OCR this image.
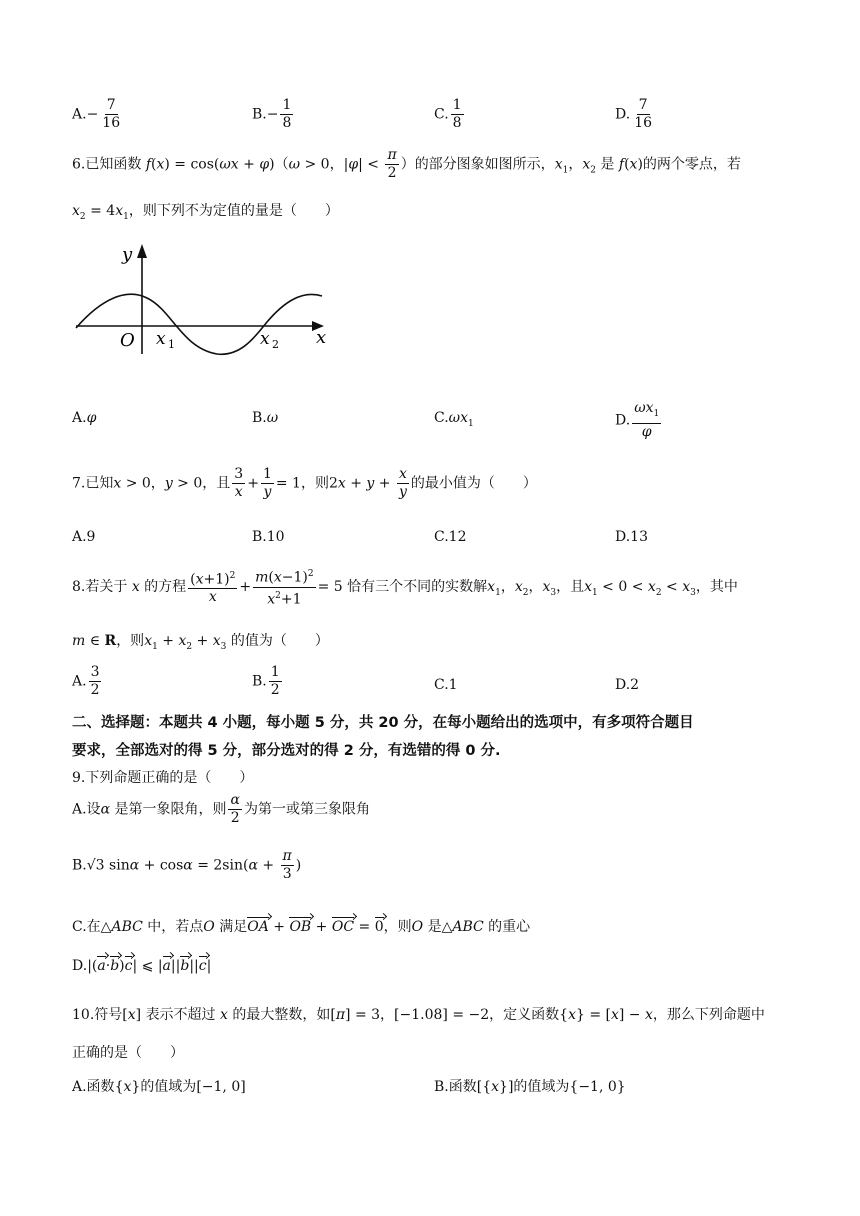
$A.- \frac{7}{16}$	$B.- \frac{1}{8}$	C. $\frac{1}{8}$	D. $\frac{7}{16}$
6.已知函数 f(x) = cos(ωx + φ)（ω > 0，$|\varphi| < \frac{\pi}{2}$ ）的部分图象如图所示，$x_1$，$x_2$ 是 f(x)的两个零点，若
$x_2 = 4x_1$，则下列不为定值的量是（　　）
y
x
O x 1	x 2
A.φ	B.ω	$C.\omega x_1$	D. $\frac{\omega x_1}{\varphi}$
7.已知x > 0，y > 0，且 $\frac{3}{x} + \frac{1}{y} = 1$，则$2x + y + \frac{x}{y}$ 的最小值为（　　）
A.9	B.10	C.12	D.13
8.若关于 x 的方程 $\frac{(x+1)^2}{x} + \frac{m(x-1)^2}{x^2+1} = 5$ 恰有三个不同的实数解$x_1$，$x_2$，$x_3$，且$x_1 < 0 < x_2 < x_3$，其中
m ∈ R，则$x_1 + x_2 + x_3$ 的值为（　　）
A. $\frac{3}{2}$	B. $\frac{1}{2}$	C.1	D.2
二、选择题：本题共 4 小题，每小题 5 分，共 20 分，在每小题给出的选项中，有多项符合题目
要求，全部选对的得 5 分，部分选对的得 2 分，有选错的得 0 分.
9.下列命题正确的是（　　）
A.设α 是第一象限角，则 $\frac{\alpha}{2}$ 为第一或第三象限角
B.√3 $\sin\alpha + \cos\alpha = 2\sin(\alpha + \frac{\pi}{3}$ )
C.在△ABC 中，若点O 满足OA + OB + OC = 0，则O 是△ABC 的重心
D.|(a·b)c| ⩽ |a||b||c|
10.符号[x] 表示不超过 x 的最大整数，如[π] = 3，[−1.08] = −2，定义函数{x} = [x] − x，那么下列命题中
正确的是（　　）
A.函数{x}的值域为[−1, 0]	B.函数[{x}]的值域为{−1, 0}
